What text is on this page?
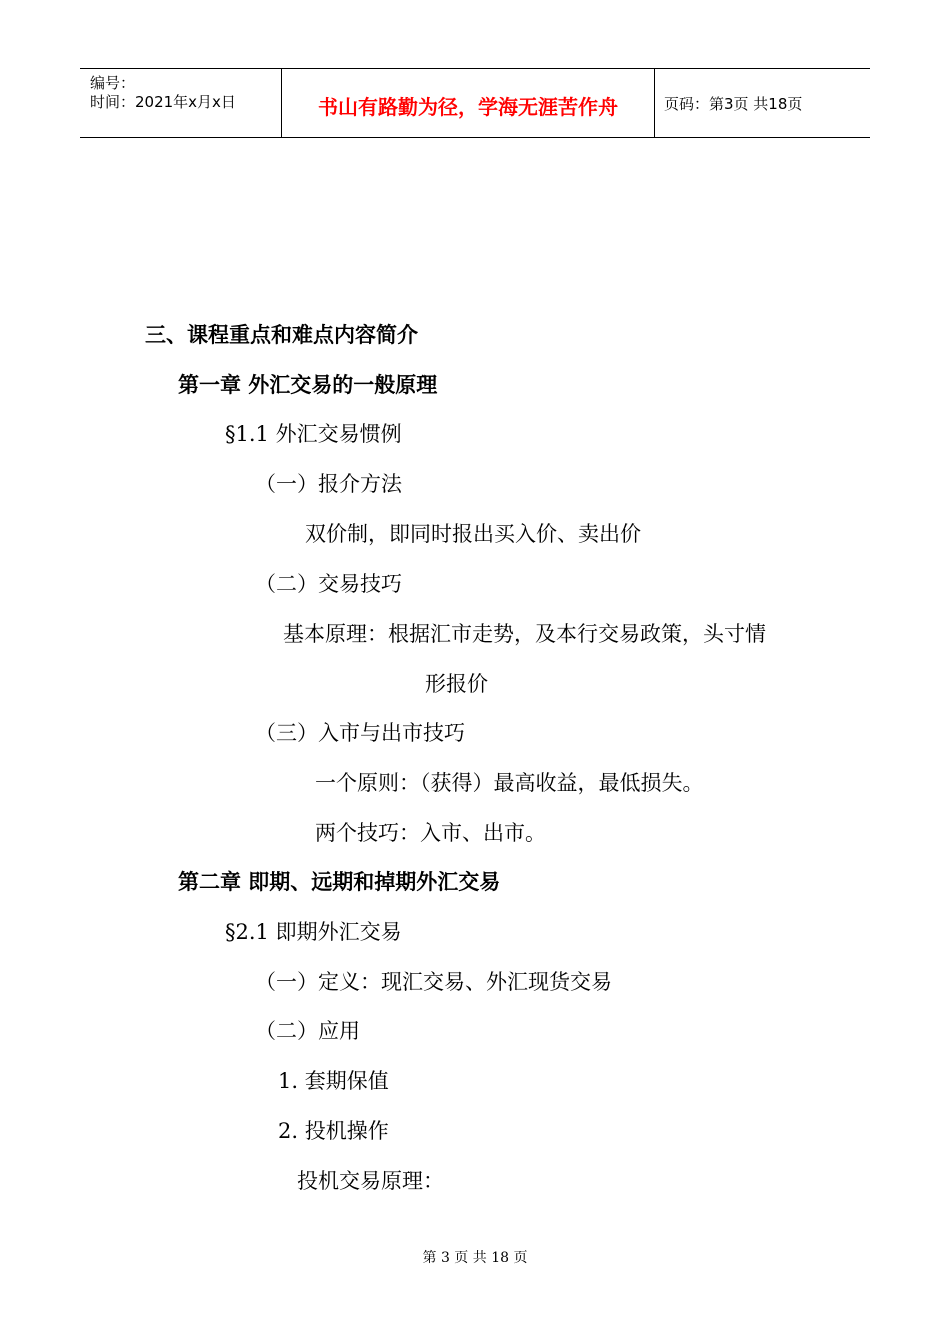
编号：
时间：2021年x月x日	书山有路勤为径，学海无涯苦作舟	页码：第3页 共18页
三、课程重点和难点内容简介
第一章 外汇交易的一般原理
§1.1 外汇交易惯例
（一）报介方法
双价制，即同时报出买入价、卖出价
（二）交易技巧
基本原理：根据汇市走势，及本行交易政策，头寸情
形报价
（三）入市与出市技巧
一个原则：（获得）最高收益，最低损失。
两个技巧：入市、出市。
第二章 即期、远期和掉期外汇交易
§2.1 即期外汇交易
（一）定义：现汇交易、外汇现货交易
（二）应用
1. 套期保值
2. 投机操作
投机交易原理：
第 3 页 共 18 页
